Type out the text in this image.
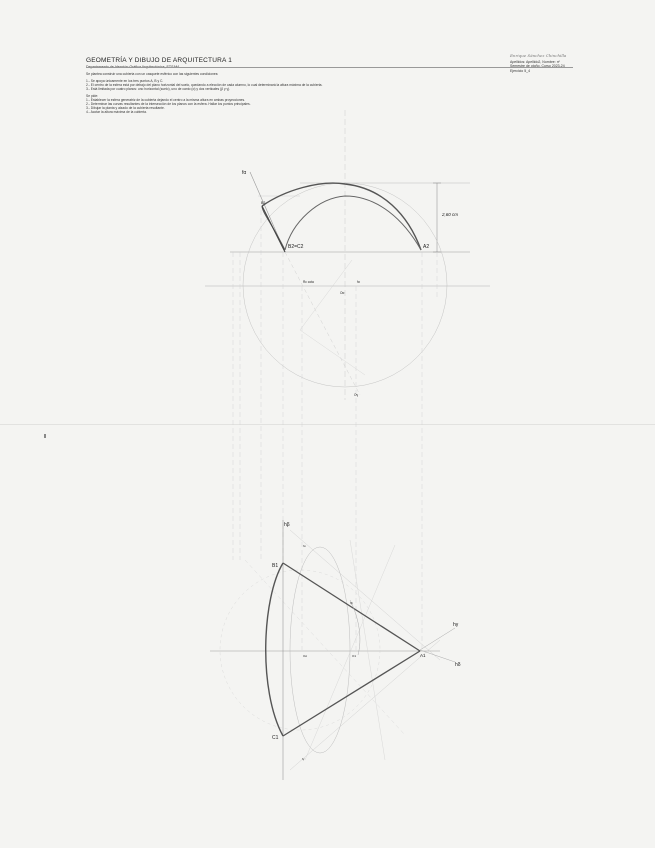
GEOMETRÍA Y DIBUJO DE ARQUITECTURA 1
Departamento de Ideación Gráfica Arquitectónica, ETSAM
Enrique Sánchez Chinchilla
Apellidos: Apellido2, Nombre: nº
Semestre de otoño. Curso 2023-24
Ejercicio 5_4

Se plantea construir una cubierta con un casquete esférico con las siguientes condiciones:

1.- Se apoya únicamente en los tres puntos A, B y C.

2.- El centro de la esfera está por debajo del plano horizontal del suelo, quedando a elección de cada alumno, lo cual determinará la altura máxima de la cubierta.

3.- Está limitada por cuatro planos: uno horizontal (suelo), uno de canto (α) y dos verticales (β y γ).

Se pide:

1.- Establecer la esfera generatriz de la cubierta dejando el centro a la misma altura en ambas proyecciones.

2.- Determinar las curvas resultantes de la intersección de los planos con la esfera. Hallar los puntos principales.

3.- Dibujar la planta y alzado de la cubierta resultante.

4.- Acotar la altura máxima de la cubierta.

fα
2,60 cm
B2=C2	A2
B2
fα
Rc cota
Oα
Oγ
hβ
hγ
hδ
B1
C1
A1
fα
Oα	O1
fβ
fγ
